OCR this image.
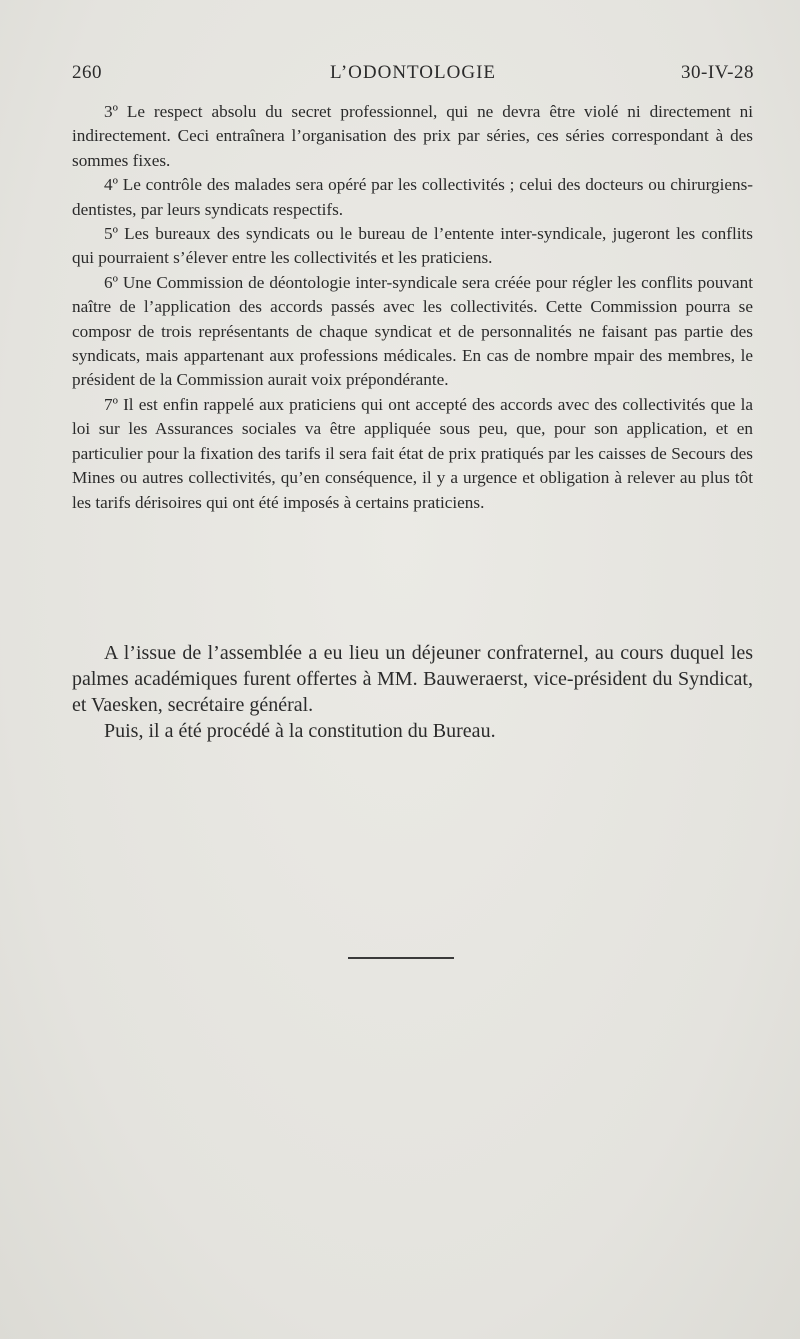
260	L’ODONTOLOGIE	30-IV-28

3º Le respect absolu du secret professionnel, qui ne devra être violé ni directement ni indirectement. Ceci entraînera l’organisation des prix par séries, ces séries correspondant à des sommes fixes.

4º Le contrôle des malades sera opéré par les collectivités ; celui des docteurs ou chirurgiens-dentistes, par leurs syndicats respectifs.

5º Les bureaux des syndicats ou le bureau de l’entente inter-syndicale, jugeront les conflits qui pourraient s’élever entre les collectivités et les praticiens.

6º Une Commission de déontologie inter-syndicale sera créée pour régler les conflits pouvant naître de l’application des accords passés avec les collectivités. Cette Commission pourra se composr de trois représentants de chaque syndicat et de personnalités ne faisant pas partie des syndicats, mais appartenant aux professions médicales. En cas de nombre mpair des membres, le président de la Commission aurait voix prépondérante.

7º Il est enfin rappelé aux praticiens qui ont accepté des accords avec des collectivités que la loi sur les Assurances sociales va être appliquée sous peu, que, pour son application, et en particulier pour la fixation des tarifs il sera fait état de prix pratiqués par les caisses de Secours des Mines ou autres collectivités, qu’en conséquence, il y a urgence et obligation à relever au plus tôt les tarifs dérisoires qui ont été imposés à certains praticiens.

A l’issue de l’assemblée a eu lieu un déjeuner confraternel, au cours duquel les palmes académiques furent offertes à MM. Bauweraerst, vice-président du Syndicat, et Vaesken, secrétaire général.

Puis, il a été procédé à la constitution du Bureau.
